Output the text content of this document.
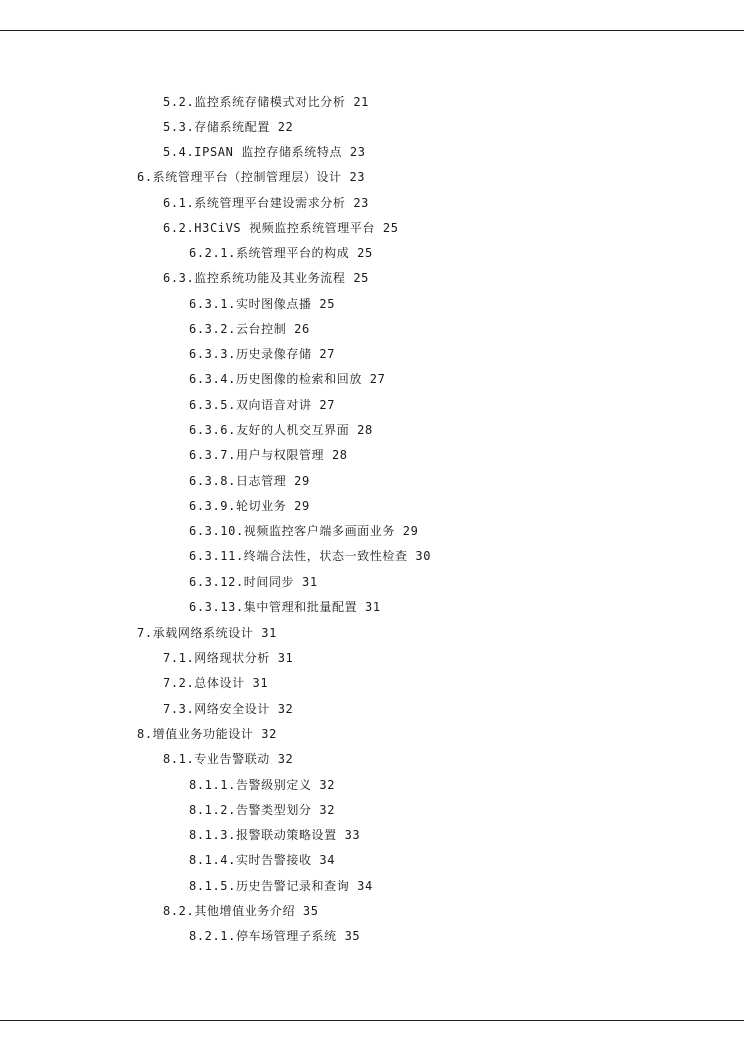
5.2.监控系统存储模式对比分析 21
5.3.存储系统配置 22
5.4.IPSAN 监控存储系统特点 23
6.系统管理平台（控制管理层）设计 23
6.1.系统管理平台建设需求分析 23
6.2.H3CiVS 视频监控系统管理平台 25
6.2.1.系统管理平台的构成 25
6.3.监控系统功能及其业务流程 25
6.3.1.实时图像点播 25
6.3.2.云台控制 26
6.3.3.历史录像存储 27
6.3.4.历史图像的检索和回放 27
6.3.5.双向语音对讲 27
6.3.6.友好的人机交互界面 28
6.3.7.用户与权限管理 28
6.3.8.日志管理 29
6.3.9.轮切业务 29
6.3.10.视频监控客户端多画面业务 29
6.3.11.终端合法性，状态一致性检查 30
6.3.12.时间同步 31
6.3.13.集中管理和批量配置 31
7.承载网络系统设计 31
7.1.网络现状分析 31
7.2.总体设计 31
7.3.网络安全设计 32
8.增值业务功能设计 32
8.1.专业告警联动 32
8.1.1.告警级别定义 32
8.1.2.告警类型划分 32
8.1.3.报警联动策略设置 33
8.1.4.实时告警接收 34
8.1.5.历史告警记录和查询 34
8.2.其他增值业务介绍 35
8.2.1.停车场管理子系统 35
